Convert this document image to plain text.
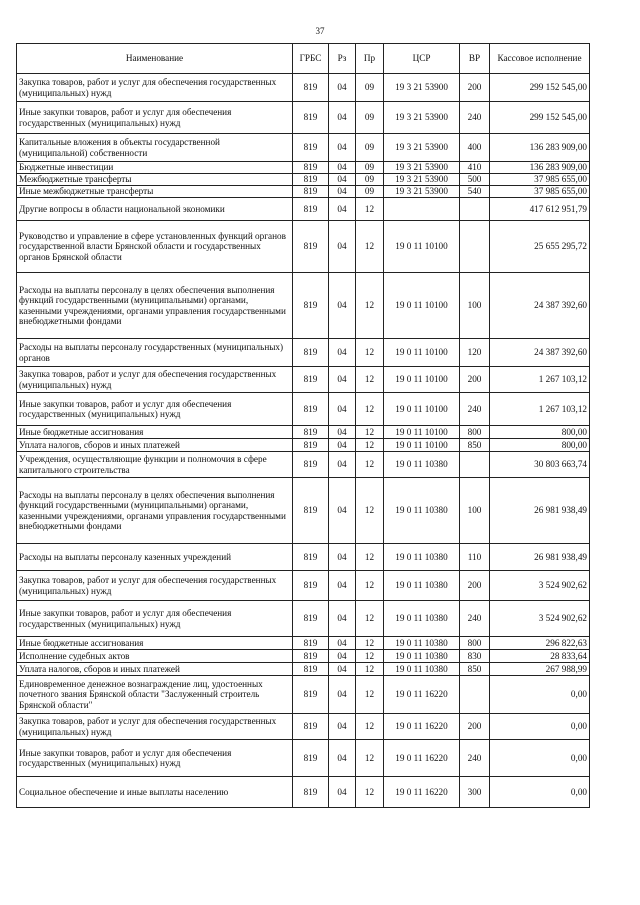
37
Наименование	ГРБС	Рз	Пр	ЦСР	ВР	Кассовое исполнение
Закупка товаров, работ и услуг для обеспечения государственных (муниципальных) нужд	819	04	09	19 3 21 53900	200	299 152 545,00
Иные закупки товаров, работ и услуг для обеспечения государственных (муниципальных) нужд	819	04	09	19 3 21 53900	240	299 152 545,00
Капитальные вложения в объекты государственной (муниципальной) собственности	819	04	09	19 3 21 53900	400	136 283 909,00
Бюджетные инвестиции	819	04	09	19 3 21 53900	410	136 283 909,00
Межбюджетные трансферты	819	04	09	19 3 21 53900	500	37 985 655,00
Иные межбюджетные трансферты	819	04	09	19 3 21 53900	540	37 985 655,00
Другие вопросы в области национальной экономики	819	04	12			417 612 951,79
Руководство и управление в сфере установленных функций органов государственной власти Брянской области и государственных органов Брянской области	819	04	12	19 0 11 10100		25 655 295,72
Расходы на выплаты персоналу в целях обеспечения выполнения функций государственными (муниципальными) органами, казенными учреждениями, органами управления государственными внебюджетными фондами	819	04	12	19 0 11 10100	100	24 387 392,60
Расходы на выплаты персоналу государственных (муниципальных) органов	819	04	12	19 0 11 10100	120	24 387 392,60
Закупка товаров, работ и услуг для обеспечения государственных (муниципальных) нужд	819	04	12	19 0 11 10100	200	1 267 103,12
Иные закупки товаров, работ и услуг для обеспечения государственных (муниципальных) нужд	819	04	12	19 0 11 10100	240	1 267 103,12
Иные бюджетные ассигнования	819	04	12	19 0 11 10100	800	800,00
Уплата налогов, сборов и иных платежей	819	04	12	19 0 11 10100	850	800,00
Учреждения, осуществляющие функции и полномочия в сфере капитального строительства	819	04	12	19 0 11 10380		30 803 663,74
Расходы на выплаты персоналу в целях обеспечения выполнения функций государственными (муниципальными) органами, казенными учреждениями, органами управления государственными внебюджетными фондами	819	04	12	19 0 11 10380	100	26 981 938,49
Расходы на выплаты персоналу казенных учреждений	819	04	12	19 0 11 10380	110	26 981 938,49
Закупка товаров, работ и услуг для обеспечения государственных (муниципальных) нужд	819	04	12	19 0 11 10380	200	3 524 902,62
Иные закупки товаров, работ и услуг для обеспечения государственных (муниципальных) нужд	819	04	12	19 0 11 10380	240	3 524 902,62
Иные бюджетные ассигнования	819	04	12	19 0 11 10380	800	296 822,63
Исполнение судебных актов	819	04	12	19 0 11 10380	830	28 833,64
Уплата налогов, сборов и иных платежей	819	04	12	19 0 11 10380	850	267 988,99
Единовременное денежное вознаграждение лиц, удостоенных почетного звания Брянской области "Заслуженный строитель Брянской области"	819	04	12	19 0 11 16220		0,00
Закупка товаров, работ и услуг для обеспечения государственных (муниципальных) нужд	819	04	12	19 0 11 16220	200	0,00
Иные закупки товаров, работ и услуг для обеспечения государственных (муниципальных) нужд	819	04	12	19 0 11 16220	240	0,00
Социальное обеспечение и иные выплаты населению	819	04	12	19 0 11 16220	300	0,00
